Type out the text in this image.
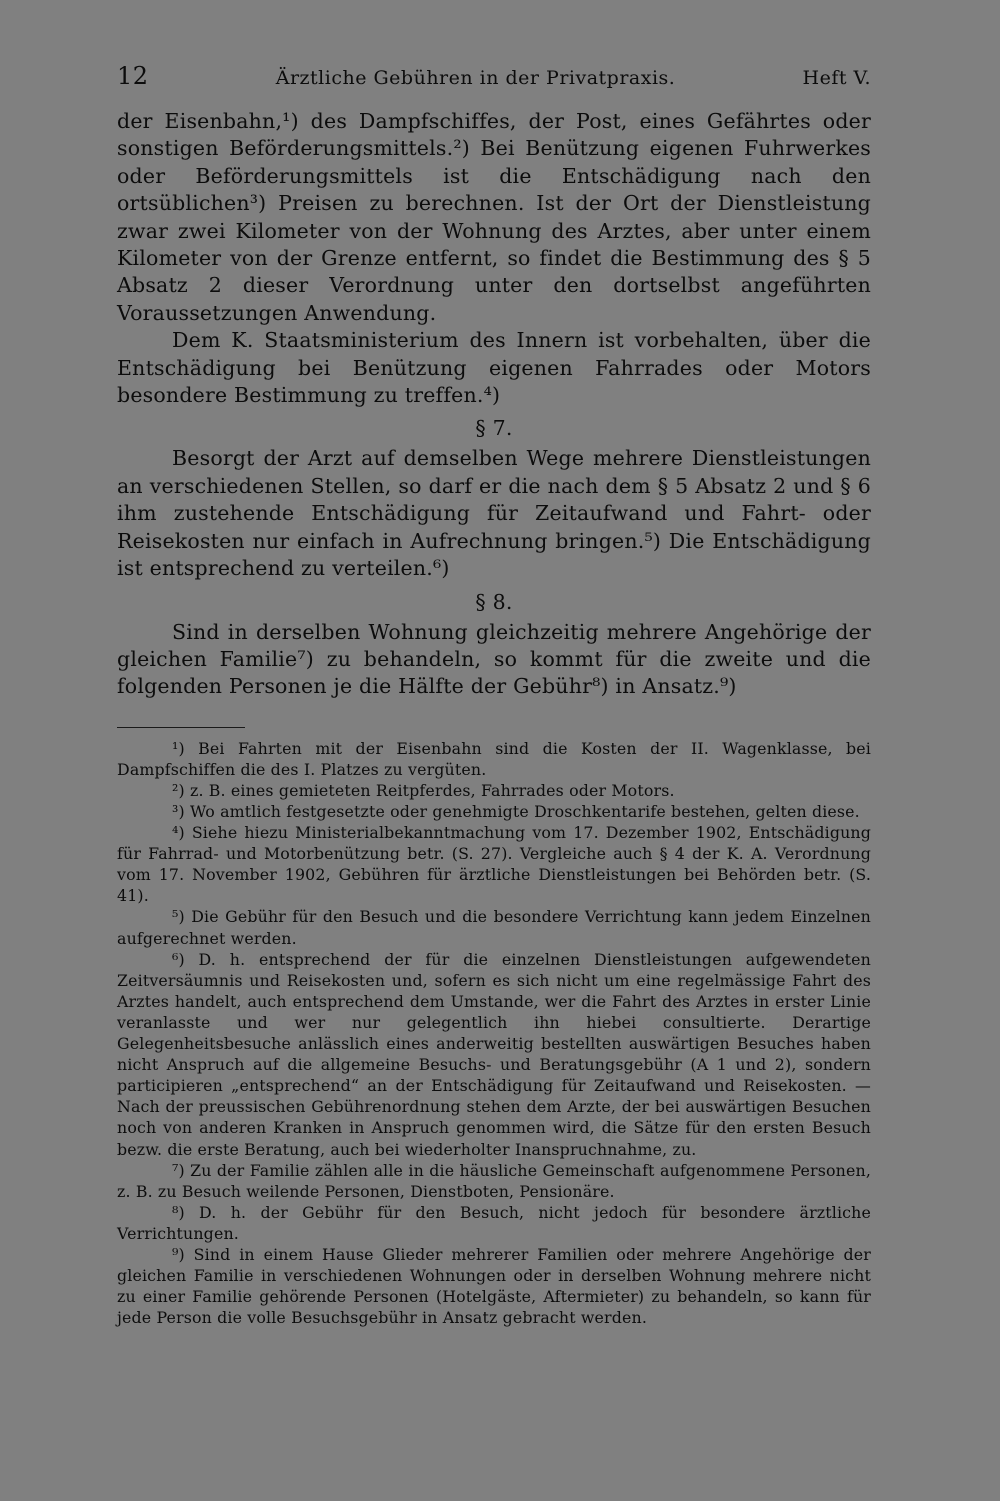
12	Ärztliche Gebühren in der Privatpraxis.	Heft V.

der Eisenbahn,¹) des Dampfschiffes, der Post, eines Gefährtes oder sonstigen Beförderungsmittels.²) Bei Benützung eigenen Fuhrwerkes oder Beförderungsmittels ist die Entschädigung nach den ortsüblichen³) Preisen zu berechnen. Ist der Ort der Dienstleistung zwar zwei Kilometer von der Wohnung des Arztes, aber unter einem Kilometer von der Grenze entfernt, so findet die Bestimmung des § 5 Absatz 2 dieser Verordnung unter den dortselbst angeführten Voraussetzungen Anwendung.

Dem K. Staatsministerium des Innern ist vorbehalten, über die Entschädigung bei Benützung eigenen Fahrrades oder Motors besondere Bestimmung zu treffen.⁴)

§ 7.

Besorgt der Arzt auf demselben Wege mehrere Dienstleistungen an verschiedenen Stellen, so darf er die nach dem § 5 Absatz 2 und § 6 ihm zustehende Entschädigung für Zeitaufwand und Fahrt- oder Reisekosten nur einfach in Aufrechnung bringen.⁵) Die Entschädigung ist entsprechend zu verteilen.⁶)

§ 8.

Sind in derselben Wohnung gleichzeitig mehrere Angehörige der gleichen Familie⁷) zu behandeln, so kommt für die zweite und die folgenden Personen je die Hälfte der Gebühr⁸) in Ansatz.⁹)

¹) Bei Fahrten mit der Eisenbahn sind die Kosten der II. Wagenklasse, bei Dampfschiffen die des I. Platzes zu vergüten.

²) z. B. eines gemieteten Reitpferdes, Fahrrades oder Motors.

³) Wo amtlich festgesetzte oder genehmigte Droschkentarife bestehen, gelten diese.

⁴) Siehe hiezu Ministerialbekanntmachung vom 17. Dezember 1902, Entschädigung für Fahrrad- und Motorbenützung betr. (S. 27). Vergleiche auch § 4 der K. A. Verordnung vom 17. November 1902, Gebühren für ärztliche Dienstleistungen bei Behörden betr. (S. 41).

⁵) Die Gebühr für den Besuch und die besondere Verrichtung kann jedem Einzelnen aufgerechnet werden.

⁶) D. h. entsprechend der für die einzelnen Dienstleistungen aufgewendeten Zeitversäumnis und Reisekosten und, sofern es sich nicht um eine regelmässige Fahrt des Arztes handelt, auch entsprechend dem Umstande, wer die Fahrt des Arztes in erster Linie veranlasste und wer nur gelegentlich ihn hiebei consultierte. Derartige Gelegenheitsbesuche anlässlich eines anderweitig bestellten auswärtigen Besuches haben nicht Anspruch auf die allgemeine Besuchs- und Beratungsgebühr (A 1 und 2), sondern participieren „entsprechend“ an der Entschädigung für Zeitaufwand und Reisekosten. — Nach der preussischen Gebührenordnung stehen dem Arzte, der bei auswärtigen Besuchen noch von anderen Kranken in Anspruch genommen wird, die Sätze für den ersten Besuch bezw. die erste Beratung, auch bei wiederholter Inanspruchnahme, zu.

⁷) Zu der Familie zählen alle in die häusliche Gemeinschaft aufgenommene Personen, z. B. zu Besuch weilende Personen, Dienstboten, Pensionäre.

⁸) D. h. der Gebühr für den Besuch, nicht jedoch für besondere ärztliche Verrichtungen.

⁹) Sind in einem Hause Glieder mehrerer Familien oder mehrere Angehörige der gleichen Familie in verschiedenen Wohnungen oder in derselben Wohnung mehrere nicht zu einer Familie gehörende Personen (Hotelgäste, Aftermieter) zu behandeln, so kann für jede Person die volle Besuchsgebühr in Ansatz gebracht werden.
